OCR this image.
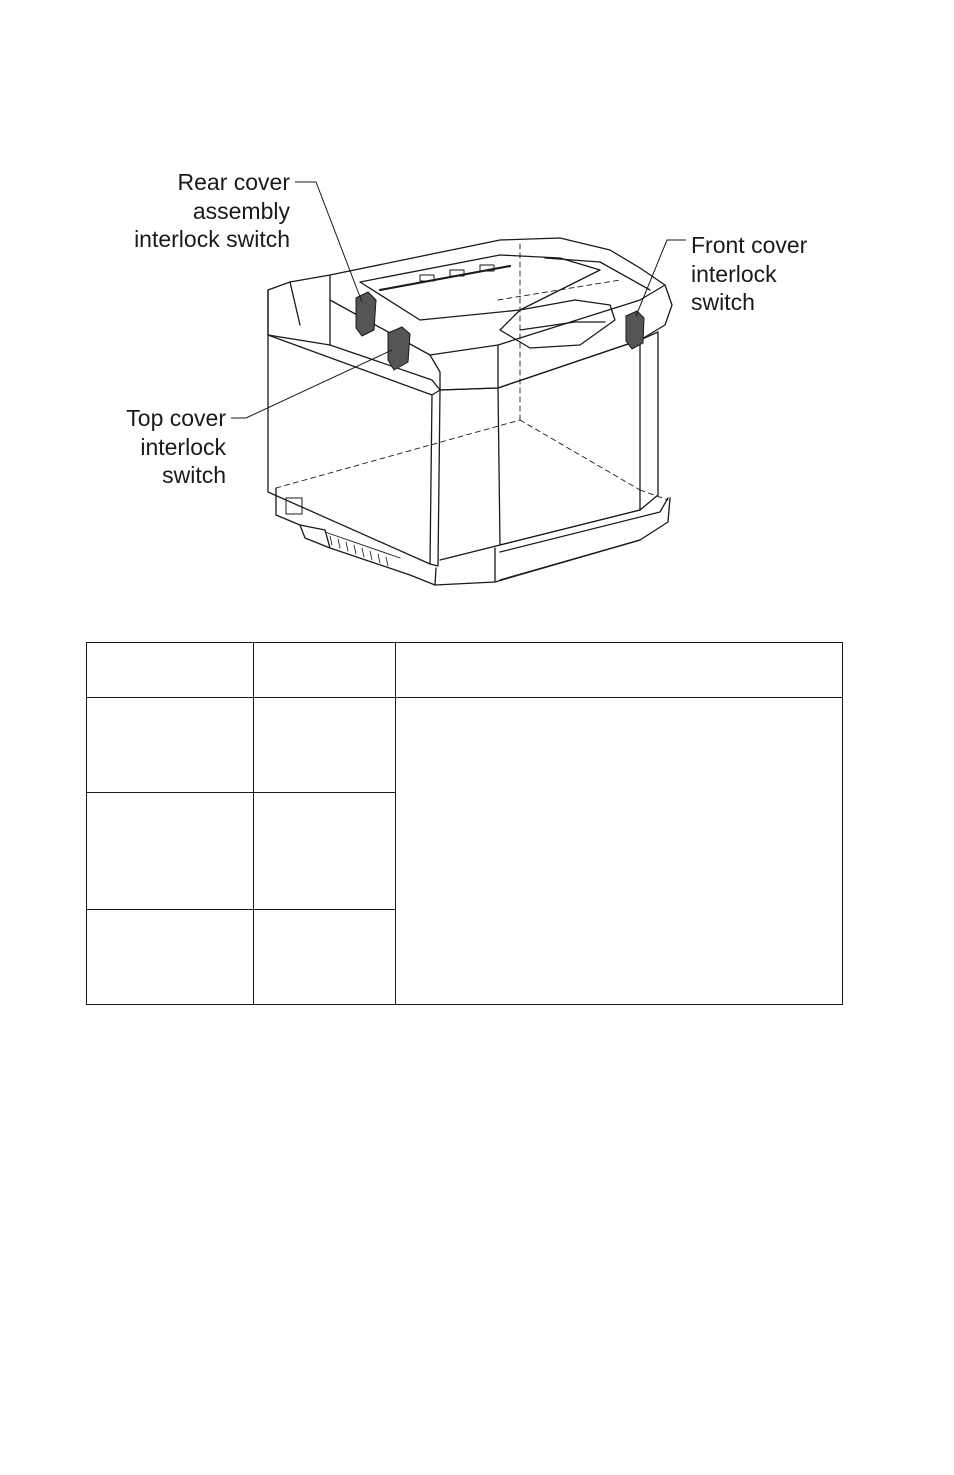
Rear cover
assembly
interlock switch	Front cover
interlock
switch
Top cover
interlock
switch
